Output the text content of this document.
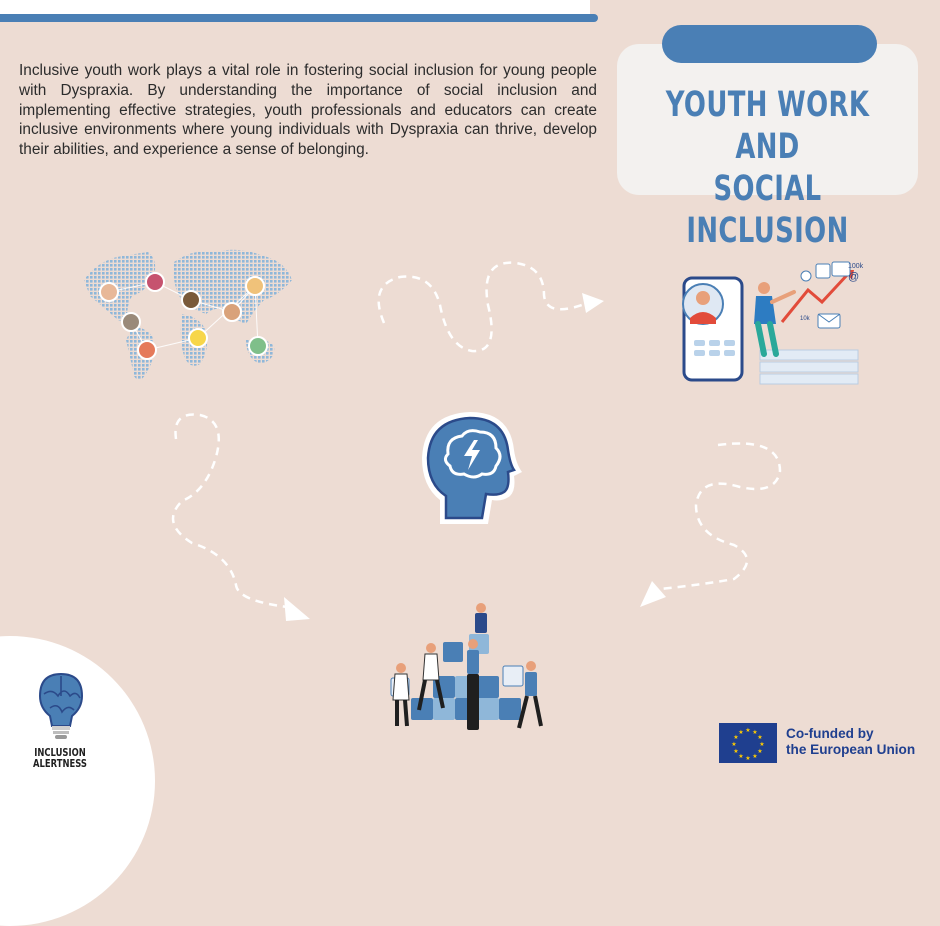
Inclusive youth work plays a vital role in fostering social inclusion for young people with Dyspraxia. By understanding the importance of social inclusion and implementing effective strategies, youth professionals and educators can create inclusive environments where young individuals with Dyspraxia can thrive, develop their abilities, and experience a sense of belonging.

YOUTH WORK AND
SOCIAL INCLUSION
100k
@
10k
INCLUSION
ALERTNESS
★ ★
★
★
★
★
★
★
★
★
★
★	Co-funded by
the European Union
